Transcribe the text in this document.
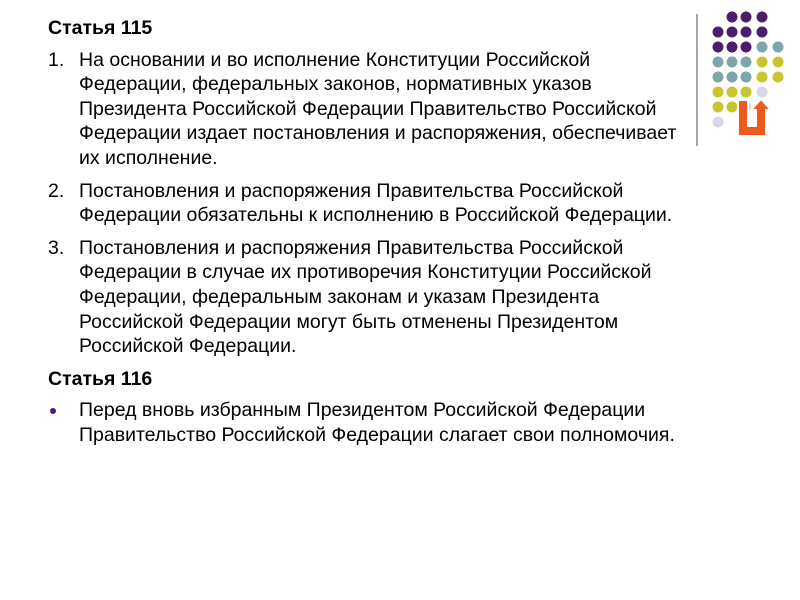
Статья 115
1. На основании и во исполнение Конституции Российской Федерации, федеральных законов, нормативных указов Президента Российской Федерации Правительство Российской Федерации издает постановления и распоряжения, обеспечивает их исполнение.
2. Постановления и распоряжения Правительства Российской Федерации обязательны к исполнению в Российской Федерации.
3. Постановления и распоряжения Правительства Российской Федерации в случае их противоречия Конституции Российской Федерации, федеральным законам и указам Президента Российской Федерации могут быть отменены Президентом Российской Федерации.
Статья 116
Перед вновь избранным Президентом Российской Федерации Правительство Российской Федерации слагает свои полномочия.
